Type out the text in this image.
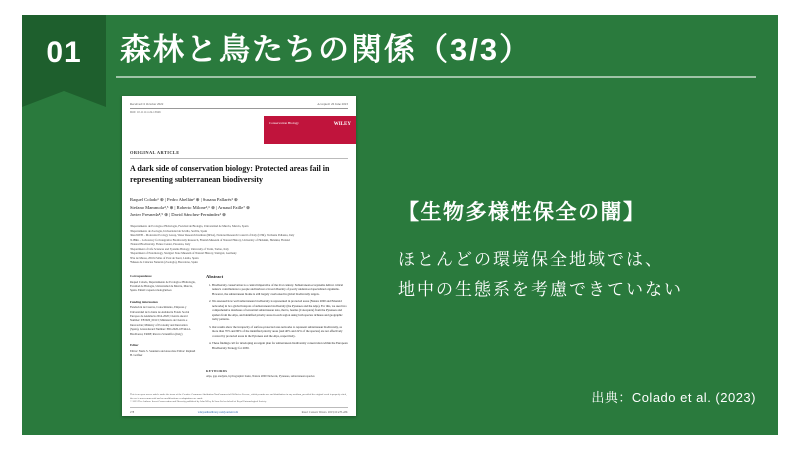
01	森林と鳥たちの関係（3/3）
Received: 6 October 2022	Accepted: 26 June 2023
DOI: 10.1111/cobi.13946
Conservation Biology	WILEY
ORIGINAL ARTICLE
A dark side of conservation biology: Protected areas fail in representing subterranean biodiversity
Raquel Colado¹ ⊕ | Pedro Abellán² ⊕ | Susana Pallarés³ ⊕
Stefano Mammola⁴,⁵ ⊕ | Roberto Milone³,⁶ ⊕ | Arnaud Faille⁷ ⊕
Javier Fresneda⁸,⁹ ⊕ | David Sánchez-Fernández¹ ⊕
¹Departamento de Ecología e Hidrología, Facultad de Biología, Universidad de Murcia, Murcia, Spain
²Departamento de Zoología, Universidad de Sevilla, Sevilla, Spain
³ResaWEB – Molecular Ecology Group, Water Research Institute (IRSA), National Research Council of Italy (CNR), Verbania Pallanza, Italy
⁴LIBRe – Laboratory for Integrative Biodiversity Research, Finnish Museum of Natural History, University of Helsinki, Helsinki, Finland
⁵Natural Biodiversity, Future Center, Piacenza, Italy
⁶Department of Life Sciences and Systems Biology, University of Turin, Torino, Italy
⁷Department of Entomology, Stuttgart State Museum of Natural History, Stuttgart, Germany
⁸Pza de Massa, 20104 Sàlas of Pont de Suert, Lleida, Spain
⁹Museu de Ciències Naturals (Zoologia), Barcelona, Spain
Correspondence
Raquel Colado, Departamento de Ecología e Hidrología, Facultad de Biología, Universidad de Murcia, Murcia, Spain. Email: raquel.colado@um.es
Funding information
Fundación de Cuevas, Conocimiento, Empresa y Universidad de la Junta de Andalucía Fondo Social Europeo de Andalucía 2014-2020; Ciencia Award Number: EF2020_00113; Ministerio de Ciencia e Innovación; Ministry of Economy and Innovation (Spain), Grant/Award Number: PID-2020-187444-2-Biodiversa; ERDF, Ricerca Scientifica (Italy)
Editor
Editor: Nuria S. Saunders and Associate Editor: Raphaël H. Gräfner
Abstract
1. Biodiversity conservation is a central imperative of the 21st century. Subterranean ecosystems deliver critical nature's contributions to people and harbour a broad diversity of poorly understood specialized organisms. However, the subterranean biome is still largely overlooked in global biodiversity targets.
2. We assessed how well subterranean biodiversity is represented in protected areas (Natura 2000 and Emerald networks) in two global hotspots of subterranean biodiversity (the Pyrenees and the Alps). For this, we used two comprehensive databases of terrestrial subterranean taxa, that is, beetles (Coleoptera) from the Pyrenees and spiders from the Alps, and identified priority areas in each region using both species richness and geographic rarity patterns.
3. Our results show the incapacity of surface-protected area networks to represent subterranean biodiversity, as more than 70% and 90% of the identified priority areas (and 40% and 22% of the species) are not effectively covered by protected areas in the Pyrenees and the Alps, respectively.
4. These findings call for developing an urgent plan for subterranean biodiversity conservation within the European Biodiversity Strategy for 2030.
KEYWORDS
Alps, gap analysis, hydrographic basin, Natura 2000 Network, Pyrenees, subterranean species
This is an open access article under the terms of the Creative Commons Attribution-NonCommercial-NoDerivs License, which permits use and distribution in any medium, provided the original work is properly cited, the use is non-commercial and no modifications or adaptations are made.
© 2023 The Authors. Insect Conservation and Diversity published by John Wiley & Sons Ltd on behalf of Royal Entomological Society.
278	wileyonlinelibrary.com/journal/cobi	Insect Conserv Divers. 2023;16:e78–e80.
【生物多様性保全の闇】
ほとんどの環境保全地域では、
地中の生態系を考慮できていない
出典：Colado et al. (2023)
